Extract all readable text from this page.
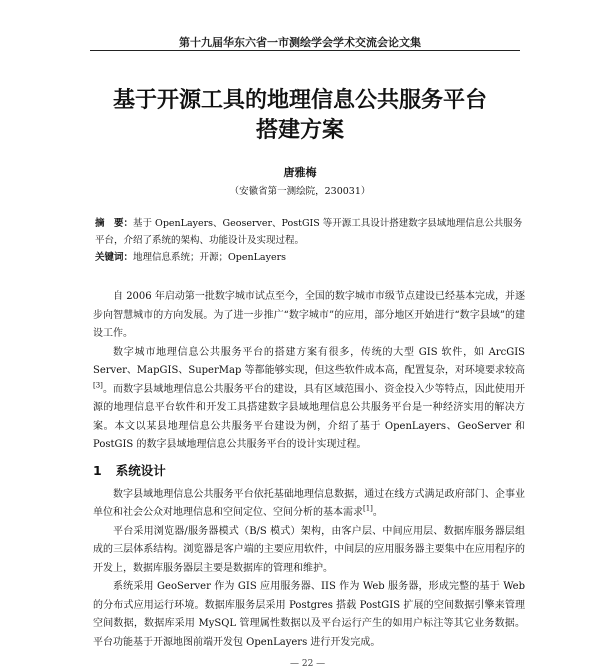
第十九届华东六省一市测绘学会学术交流会论文集
基于开源工具的地理信息公共服务平台
搭建方案
唐雅梅
（安徽省第一测绘院，230031）
摘　要：基于 OpenLayers、Geoserver、PostGIS 等开源工具设计搭建数字县域地理信息公共服务平台，介绍了系统的架构、功能设计及实现过程。
关键词：地理信息系统；开源；OpenLayers

自 2006 年启动第一批数字城市试点至今，全国的数字城市市级节点建设已经基本完成，并逐步向智慧城市的方向发展。为了进一步推广“数字城市”的应用，部分地区开始进行“数字县域”的建设工作。

数字城市地理信息公共服务平台的搭建方案有很多，传统的大型 GIS 软件，如 ArcGIS Server、MapGIS、SuperMap 等都能够实现，但这些软件成本高，配置复杂，对环境要求较高[3]。而数字县域地理信息公共服务平台的建设，具有区域范围小、资金投入少等特点，因此使用开源的地理信息平台软件和开发工具搭建数字县域地理信息公共服务平台是一种经济实用的解决方案。本文以某县地理信息公共服务平台建设为例，介绍了基于 OpenLayers、GeoServer 和 PostGIS 的数字县域地理信息公共服务平台的设计实现过程。

1 系统设计

数字县域地理信息公共服务平台依托基础地理信息数据，通过在线方式满足政府部门、企事业单位和社会公众对地理信息和空间定位、空间分析的基本需求[1]。

平台采用浏览器/服务器模式（B/S 模式）架构，由客户层、中间应用层、数据库服务器层组成的三层体系结构。浏览器是客户端的主要应用软件，中间层的应用服务器主要集中在应用程序的开发上，数据库服务器层主要是数据库的管理和维护。

系统采用 GeoServer 作为 GIS 应用服务器、IIS 作为 Web 服务器，形成完整的基于 Web 的分布式应用运行环境。数据库服务层采用 Postgres 搭载 PostGIS 扩展的空间数据引擎来管理空间数据，数据库采用 MySQL 管理属性数据以及平台运行产生的如用户标注等其它业务数据。平台功能基于开源地图前端开发包 OpenLayers 进行开发完成。

— 22 —
